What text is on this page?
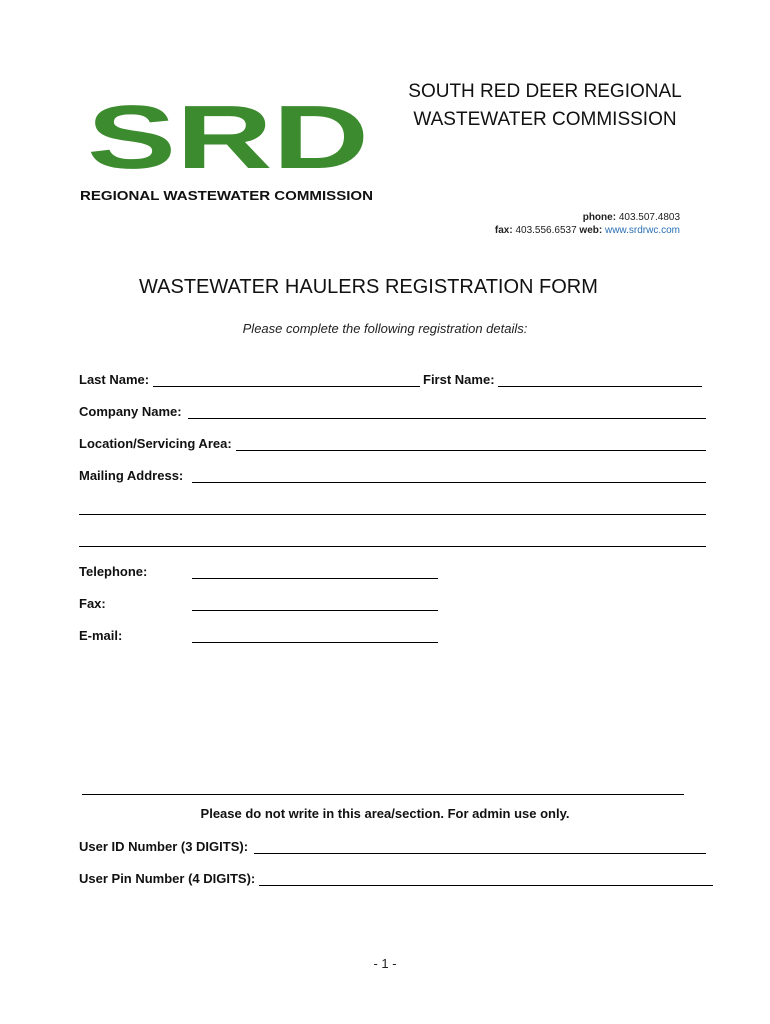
SRD
REGIONAL WASTEWATER COMMISSION
SOUTH RED DEER REGIONAL
WASTEWATER COMMISSION
phone: 403.507.4803
fax: 403.556.6537 web: www.srdrwc.com
WASTEWATER HAULERS REGISTRATION FORM
Please complete the following registration details:
Last Name:	First Name:
Company Name:
Location/Servicing Area:
Mailing Address:
Telephone:
Fax:
E-mail:
Please do not write in this area/section. For admin use only.
User ID Number (3 DIGITS):
User Pin Number (4 DIGITS):
- 1 -
